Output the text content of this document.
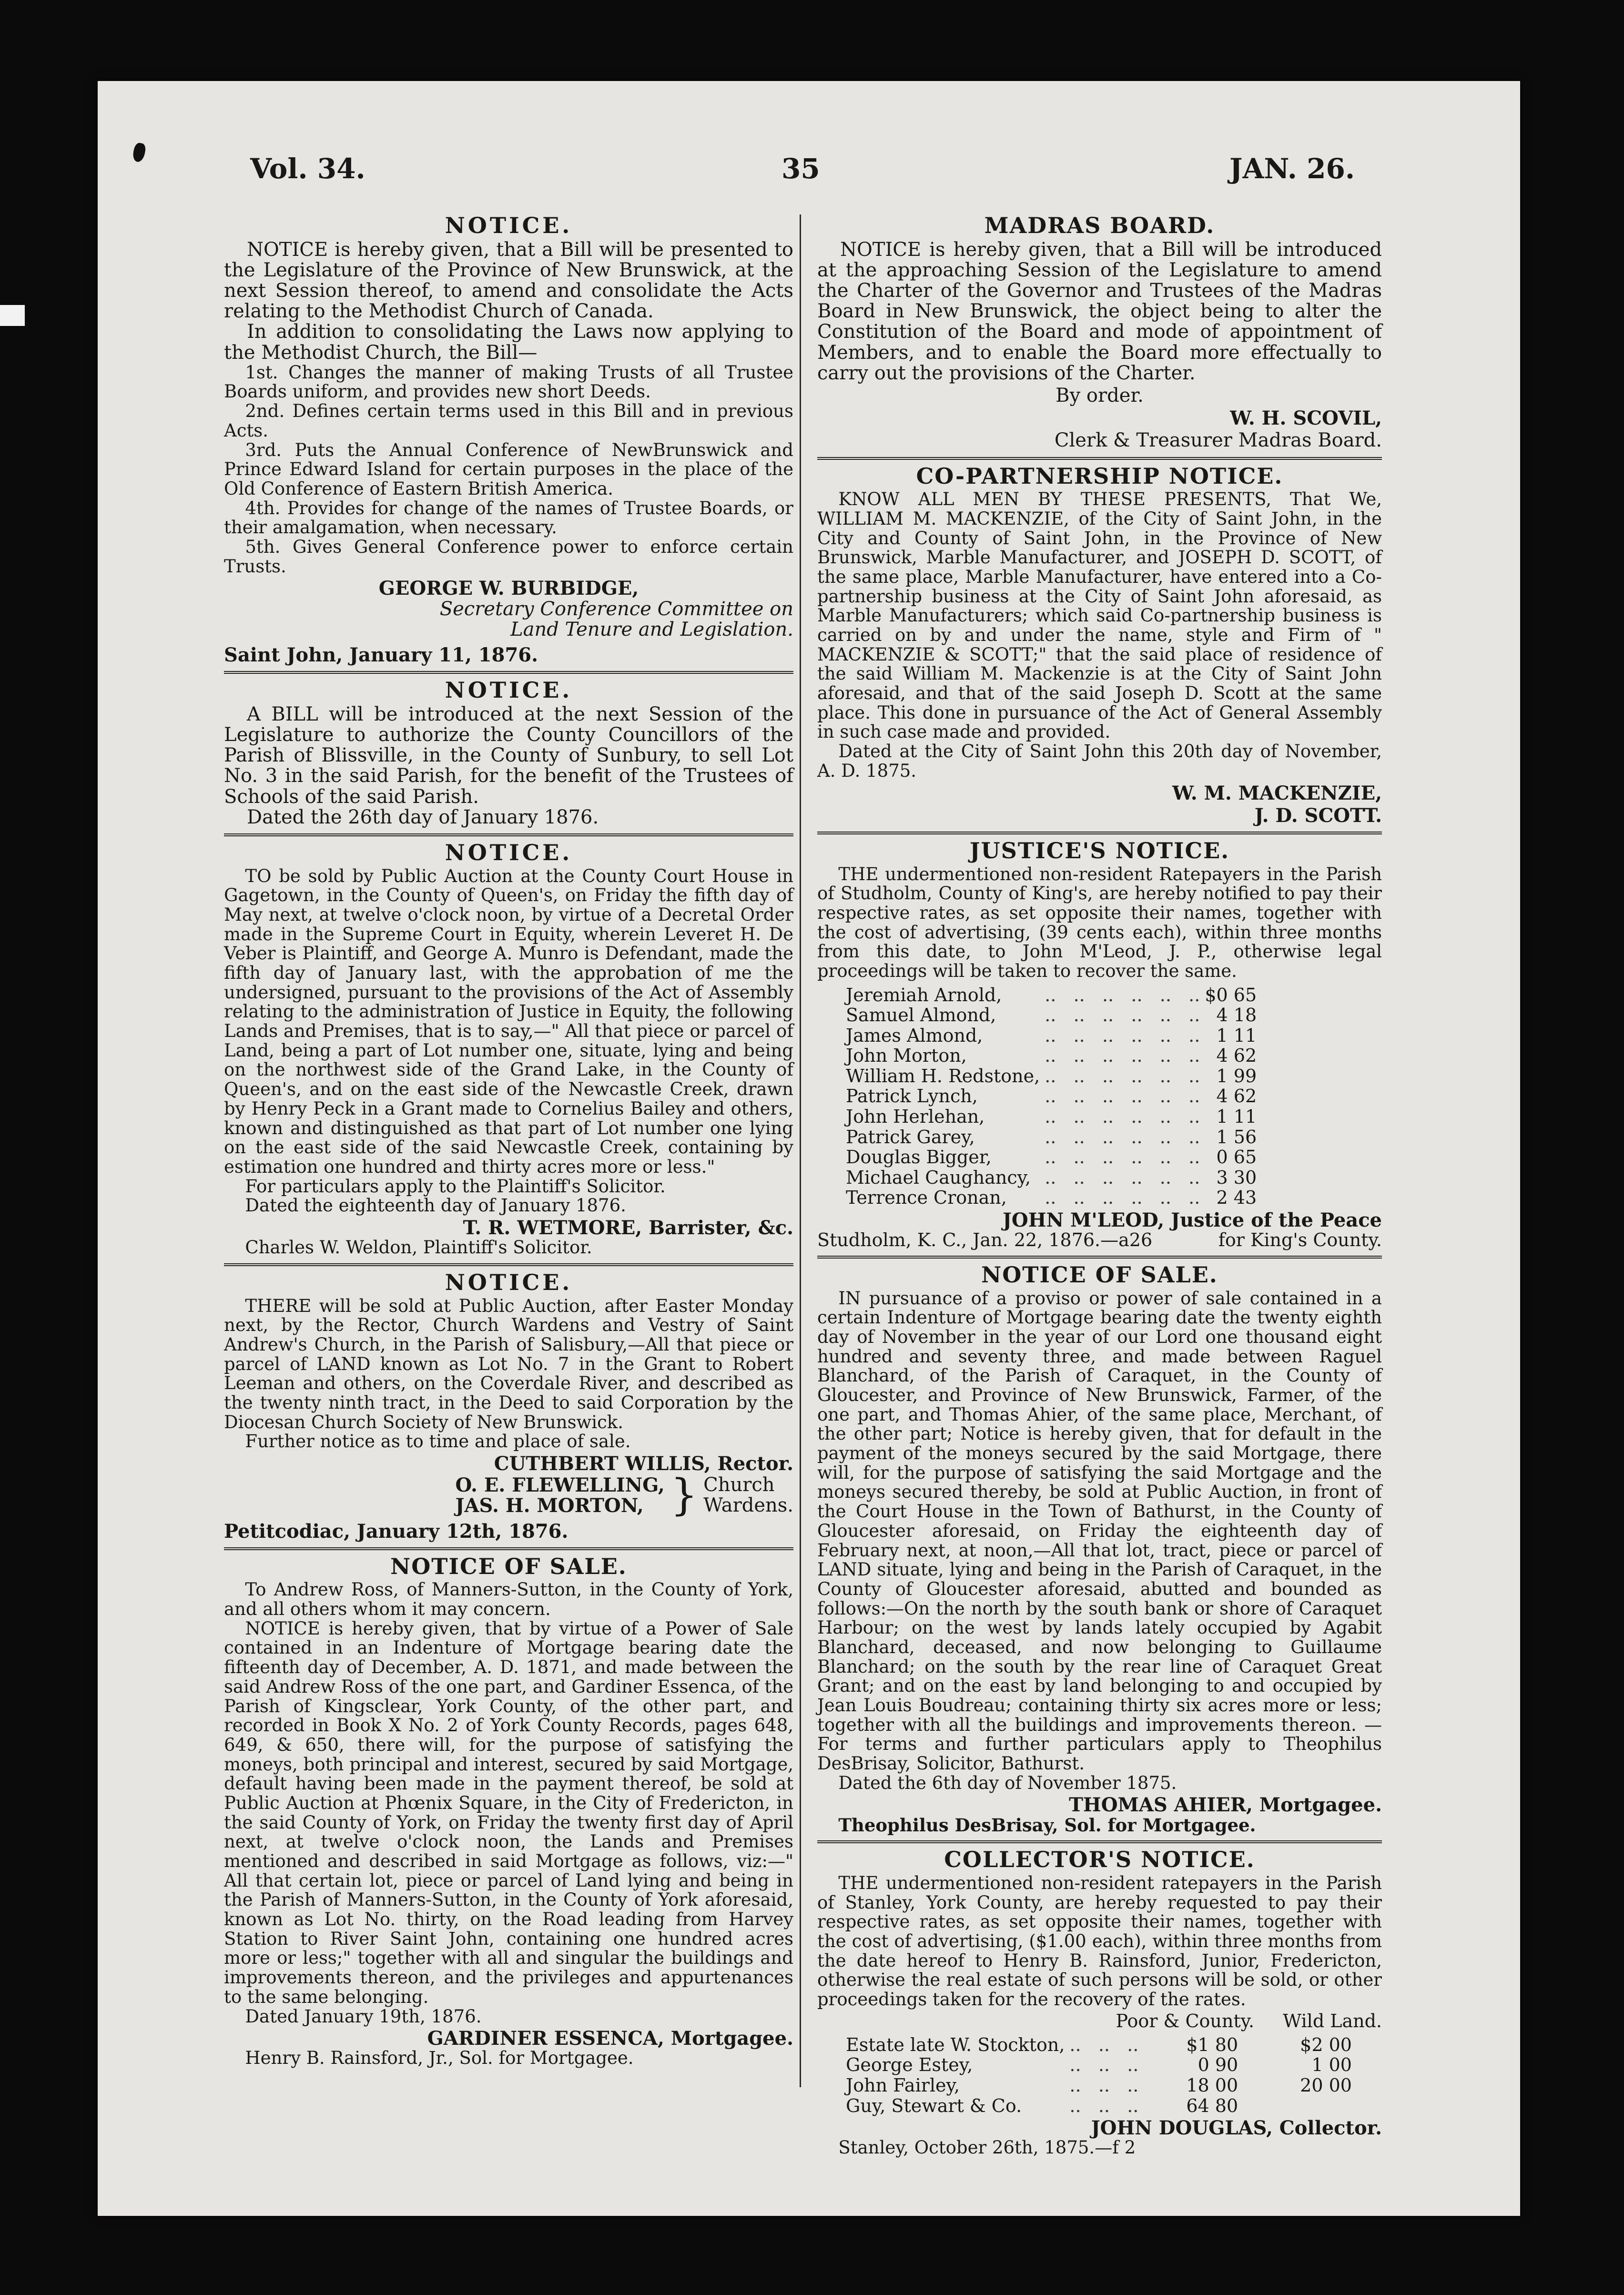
Vol. 34.	35	JAN. 26.
NOTICE.

NOTICE is hereby given, that a Bill will be presented to the Legislature of the Province of New Brunswick, at the next Session thereof, to amend and consolidate the Acts relating to the Methodist Church of Canada.

In addition to consolidating the Laws now applying to the Methodist Church, the Bill—

1st. Changes the manner of making Trusts of all Trustee Boards uniform, and provides new short Deeds.

2nd. Defines certain terms used in this Bill and in previous Acts.

3rd. Puts the Annual Conference of NewBrunswick and Prince Edward Island for certain purposes in the place of the Old Conference of Eastern British America.

4th. Provides for change of the names of Trustee Boards, or their amalgamation, when necessary.

5th. Gives General Conference power to enforce certain Trusts.

GEORGE W. BURBIDGE,
Secretary Conference Committee on
Land Tenure and Legislation.
Saint John, January 11, 1876.
NOTICE.

A BILL will be introduced at the next Session of the Legislature to authorize the County Councillors of the Parish of Blissville, in the County of Sunbury, to sell Lot No. 3 in the said Parish, for the benefit of the Trustees of Schools of the said Parish.

Dated the 26th day of January 1876.

NOTICE.

TO be sold by Public Auction at the County Court House in Gagetown, in the County of Queen's, on Friday the fifth day of May next, at twelve o'clock noon, by virtue of a Decretal Order made in the Supreme Court in Equity, wherein Leveret H. De Veber is Plaintiff, and George A. Munro is Defendant, made the fifth day of January last, with the approbation of me the undersigned, pursuant to the provisions of the Act of Assembly relating to the administration of Justice in Equity, the following Lands and Premises, that is to say,—" All that piece or parcel of Land, being a part of Lot number one, situate, lying and being on the northwest side of the Grand Lake, in the County of Queen's, and on the east side of the Newcastle Creek, drawn by Henry Peck in a Grant made to Cornelius Bailey and others, known and distinguished as that part of Lot number one lying on the east side of the said Newcastle Creek, containing by estimation one hundred and thirty acres more or less."

For particulars apply to the Plaintiff's Solicitor.

Dated the eighteenth day of January 1876.

T. R. WETMORE, Barrister, &c.

Charles W. Weldon, Plaintiff's Solicitor.

NOTICE.

THERE will be sold at Public Auction, after Easter Monday next, by the Rector, Church Wardens and Vestry of Saint Andrew's Church, in the Parish of Salisbury,—All that piece or parcel of LAND known as Lot No. 7 in the Grant to Robert Leeman and others, on the Coverdale River, and described as the twenty ninth tract, in the Deed to said Corporation by the Diocesan Church Society of New Brunswick.

Further notice as to time and place of sale.

CUTHBERT WILLIS, Rector.
O. E. FLEWELLING,
JAS. H. MORTON, } Church
Wardens.
Petitcodiac, January 12th, 1876.
NOTICE OF SALE.

To Andrew Ross, of Manners-Sutton, in the County of York, and all others whom it may concern.

NOTICE is hereby given, that by virtue of a Power of Sale contained in an Indenture of Mortgage bearing date the fifteenth day of December, A. D. 1871, and made between the said Andrew Ross of the one part, and Gardiner Essenca, of the Parish of Kingsclear, York County, of the other part, and recorded in Book X No. 2 of York County Records, pages 648, 649, & 650, there will, for the purpose of satisfying the moneys, both principal and interest, secured by said Mortgage, default having been made in the payment thereof, be sold at Public Auction at Phœnix Square, in the City of Fredericton, in the said County of York, on Friday the twenty first day of April next, at twelve o'clock noon, the Lands and Premises mentioned and described in said Mortgage as follows, viz:—" All that certain lot, piece or parcel of Land lying and being in the Parish of Manners-Sutton, in the County of York aforesaid, known as Lot No. thirty, on the Road leading from Harvey Station to River Saint John, containing one hundred acres more or less;" together with all and singular the buildings and improvements thereon, and the privileges and appurtenances to the same belonging.

Dated January 19th, 1876.

GARDINER ESSENCA, Mortgagee.

Henry B. Rainsford, Jr., Sol. for Mortgagee.

MADRAS BOARD.

NOTICE is hereby given, that a Bill will be introduced at the approaching Session of the Legislature to amend the Charter of the Governor and Trustees of the Madras Board in New Brunswick, the object being to alter the Constitution of the Board and mode of appointment of Members, and to enable the Board more effectually to carry out the provisions of the Charter.

By order.
W. H. SCOVIL,
Clerk & Treasurer Madras Board.
CO-PARTNERSHIP NOTICE.

KNOW ALL MEN BY THESE PRESENTS, That We, WILLIAM M. MACKENZIE, of the City of Saint John, in the City and County of Saint John, in the Province of New Brunswick, Marble Manufacturer, and JOSEPH D. SCOTT, of the same place, Marble Manufacturer, have entered into a Co-partnership business at the City of Saint John aforesaid, as Marble Manufacturers; which said Co-partnership business is carried on by and under the name, style and Firm of " MACKENZIE & SCOTT;" that the said place of residence of the said William M. Mackenzie is at the City of Saint John aforesaid, and that of the said Joseph D. Scott at the same place. This done in pursuance of the Act of General Assembly in such case made and provided.

Dated at the City of Saint John this 20th day of November, A. D. 1875.

W. M. MACKENZIE,
J. D. SCOTT.
JUSTICE'S NOTICE.

THE undermentioned non-resident Ratepayers in the Parish of Studholm, County of King's, are hereby notified to pay their respective rates, as set opposite their names, together with the cost of advertising, (39 cents each), within three months from this date, to John M'Leod, J. P., otherwise legal proceedings will be taken to recover the same.

Jeremiah Arnold,	..   ..   ..   ..   ..   ..	$0 65
Samuel Almond,	..   ..   ..   ..   ..   ..	4 18
James Almond,	..   ..   ..   ..   ..   ..	1 11
John Morton,	..   ..   ..   ..   ..   ..	4 62
William H. Redstone,	..   ..   ..   ..   ..   ..	1 99
Patrick Lynch,	..   ..   ..   ..   ..   ..	4 62
John Herlehan,	..   ..   ..   ..   ..   ..	1 11
Patrick Garey,	..   ..   ..   ..   ..   ..	1 56
Douglas Bigger,	..   ..   ..   ..   ..   ..	0 65
Michael Caughancy,	..   ..   ..   ..   ..   ..	3 30
Terrence Cronan,	..   ..   ..   ..   ..   ..	2 43
JOHN M'LEOD, Justice of the Peace
Studholm, K. C., Jan. 22, 1876.—a26	for King's County.
NOTICE OF SALE.

IN pursuance of a proviso or power of sale contained in a certain Indenture of Mortgage bearing date the twenty eighth day of November in the year of our Lord one thousand eight hundred and seventy three, and made between Raguel Blanchard, of the Parish of Caraquet, in the County of Gloucester, and Province of New Brunswick, Farmer, of the one part, and Thomas Ahier, of the same place, Merchant, of the other part; Notice is hereby given, that for default in the payment of the moneys secured by the said Mortgage, there will, for the purpose of satisfying the said Mortgage and the moneys secured thereby, be sold at Public Auction, in front of the Court House in the Town of Bathurst, in the County of Gloucester aforesaid, on Friday the eighteenth day of February next, at noon,—All that lot, tract, piece or parcel of LAND situate, lying and being in the Parish of Caraquet, in the County of Gloucester aforesaid, abutted and bounded as follows:—On the north by the south bank or shore of Caraquet Harbour; on the west by lands lately occupied by Agabit Blanchard, deceased, and now belonging to Guillaume Blanchard; on the south by the rear line of Caraquet Great Grant; and on the east by land belonging to and occupied by Jean Louis Boudreau; containing thirty six acres more or less; together with all the buildings and improvements thereon. —For terms and further particulars apply to Theophilus DesBrisay, Solicitor, Bathurst.

Dated the 6th day of November 1875.

THOMAS AHIER, Mortgagee.

Theophilus DesBrisay, Sol. for Mortgagee.

COLLECTOR'S NOTICE.

THE undermentioned non-resident ratepayers in the Parish of Stanley, York County, are hereby requested to pay their respective rates, as set opposite their names, together with the cost of advertising, ($1.00 each), within three months from the date hereof to Henry B. Rainsford, Junior, Fredericton, otherwise the real estate of such persons will be sold, or other proceedings taken for the recovery of the rates.

Poor & County. Wild Land.
Estate late W. Stockton,	..   ..   ..	$1 80	$2 00
George Estey,	..   ..   ..	0 90	1 00
John Fairley,	..   ..   ..	18 00	20 00
Guy, Stewart & Co.	..   ..   ..	64 80	
JOHN DOUGLAS, Collector.

Stanley, October 26th, 1875.—f 2
